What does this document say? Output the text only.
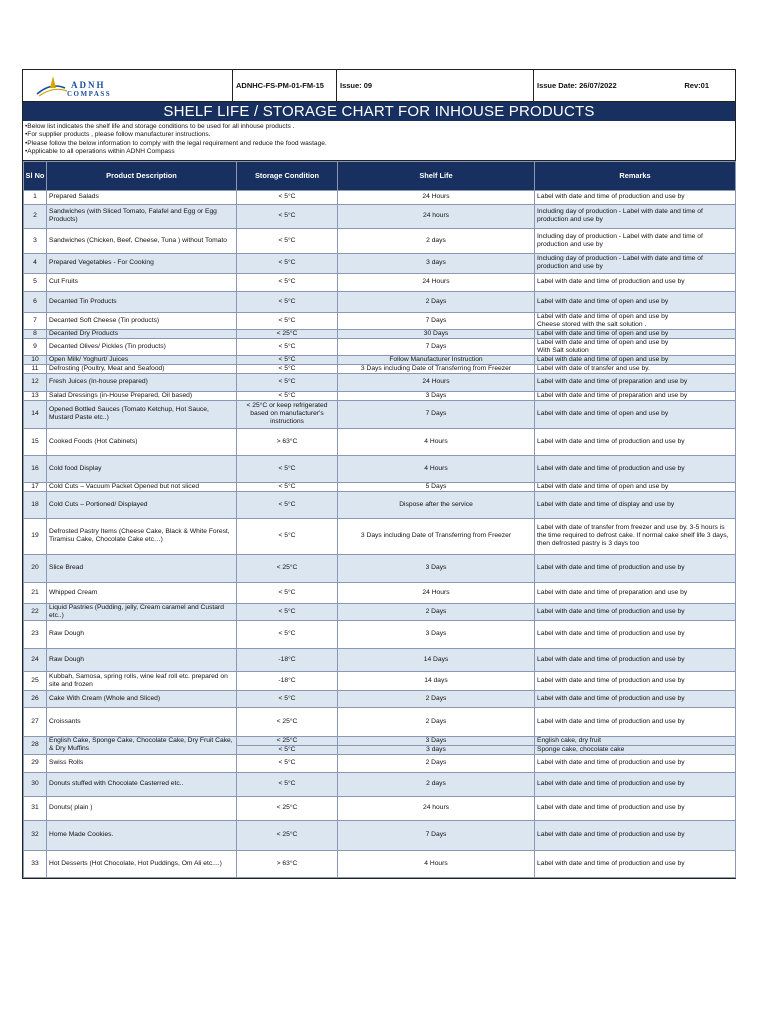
ADNH
COMPASS
ADNHC-FS-PM-01-FM-15	Issue: 09	Issue Date: 26/07/2022	Rev:01
SHELF LIFE / STORAGE CHART FOR INHOUSE PRODUCTS
•Below list indicates the shelf life and storage conditions to be used for all inhouse products .
•For supplier products , please follow manufacturer instructions.
•Please follow the below information to comply with the legal requirement and reduce the food wastage.
•Applicable to all operations within ADNH Compass
Sl No	Product Description	Storage Condition	Shelf Life	Remarks
1	Prepared Salads	< 5°C	24 Hours	Label with date and time of production and use by
2	Sandwiches (with Sliced Tomato, Falafel and Egg or Egg Products)	< 5°C	24 hours	Including day of production - Label with date and time of production and use by
3	Sandwiches (Chicken, Beef, Cheese, Tuna ) without Tomato	< 5°C	2 days	Including day of production - Label with date and time of production and use by
4	Prepared Vegetables - For Cooking	< 5°C	3 days	Including day of production - Label with date and time of production and use by
5	Cut Fruits	< 5°C	24 Hours	Label with date and time of production and use by
6	Decanted Tin Products	< 5°C	2 Days	Label with date and time of open and use by
7	Decanted Soft Cheese (Tin products)	< 5°C	7 Days	Label with date and time of open and use by
Cheese stored with the salt solution .

8	Decanted Dry Products	< 25°C	30 Days	Label with date and time of open and use by
9	Decanted Olives/ Pickles (Tin products)	< 5°C	7 Days	Label with date and time of open and use by
With Salt solution

10	Open Milk/ Yoghurt/ Juices	< 5°C	Follow Manufacturer Instruction	Label with date and time of open and use by
11	Defrosting (Poultry, Meat and Seafood)	< 5°C	3 Days including Date of Transferring from Freezer	Label with date of transfer and use by.
12	Fresh Juices (In-house prepared)	< 5°C	24 Hours	Label with date and time of preparation and use by
13	Salad Dressings (in-House Prepared, Oil based)	< 5°C	3 Days	Label with date and time of preparation and use by
14	Opened Bottled Sauces (Tomato Ketchup, Hot Sauce, Mustard Paste etc..)	< 25°C or keep refrigerated based on manufacturer's instructions	7 Days	Label with date and time of open and use by
15	Cooked Foods (Hot Cabinets)	> 63°C	4 Hours	Label with date and time of production and use by
16	Cold food Display	< 5°C	4 Hours	Label with date and time of production and use by
17	Cold Cuts – Vacuum Packet Opened but not sliced	< 5°C	5 Days	Label with date and time of open and use by
18	Cold Cuts – Portioned/ Displayed	< 5°C	Dispose after the service	Label with date and time of display and use by
19	Defrosted Pastry Items (Cheese Cake, Black & White Forest, Tiramisu Cake, Chocolate Cake etc…)	< 5°C	3 Days including Date of Transferring from Freezer	Label with date of transfer from freezer and use by. 3-5 hours is the time required to defrost cake. If normal cake shelf life 3 days, then defrosted pastry is 3 days too
20	Slice Bread	< 25°C	3 Days	Label with date and time of production and use by
21	Whipped Cream	< 5°C	24 Hours	Label with date and time of preparation and use by
22	Liquid Pastries (Pudding, jelly, Cream caramel and Custard etc..)	< 5°C	2 Days	Label with date and time of production and use by
23	Raw Dough	< 5°C	3 Days	Label with date and time of production and use by
24	Raw Dough	-18°C	14 Days	Label with date and time of production and use by
25	Kubbah, Samosa, spring rolls, wine leaf roll etc. prepared on site and frozen	-18°C	14 days	Label with date and time of production and use by
26	Cake With Cream (Whole and Sliced)	< 5°C	2 Days	Label with date and time of production and use by
27	Croissants	< 25°C	2 Days	Label with date and time of production and use by
28	English Cake, Sponge Cake, Chocolate Cake, Dry Fruit Cake, & Dry Muffins	< 25°C	3 Days	English cake, dry fruit
		< 5°C	3 days	Sponge cake, chocolate cake
29	Swiss Rolls	< 5°C	2 Days	Label with date and time of production and use by
30	Donuts stuffed with Chocolate Casterred etc..	< 5°C	2 days	Label with date and time of production and use by
31	Donuts( plain )	< 25°C	24 hours	Label with date and time of production and use by
32	Home Made Cookies.	< 25°C	7 Days	Label with date and time of production and use by
33	Hot Desserts (Hot Chocolate, Hot Puddings, Om Ali etc....)	> 63°C	4 Hours	Label with date and time of production and use by
